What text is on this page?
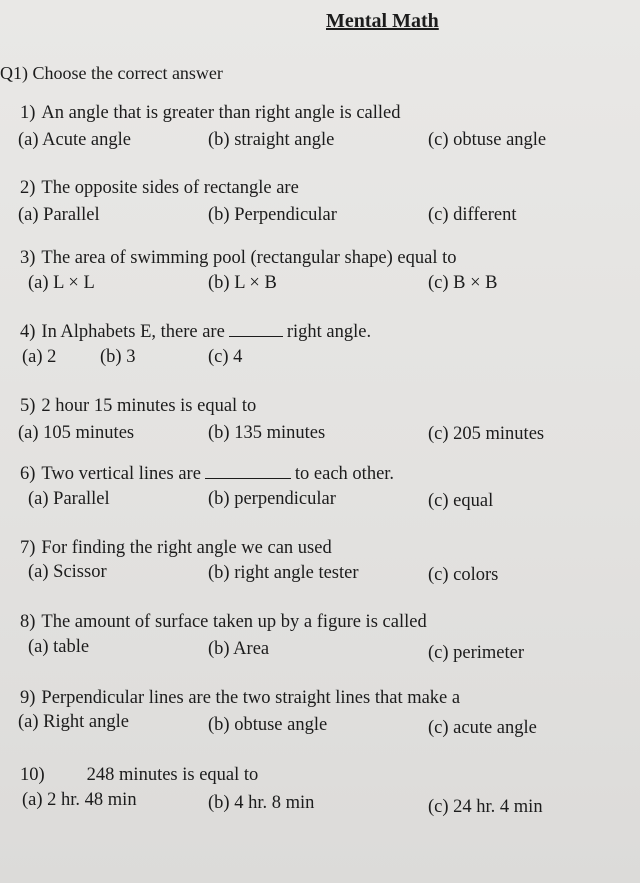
Mental Math
Q1) Choose the correct answer
1) An angle that is greater than right angle is called
(a) Acute angle	(b) straight angle	(c) obtuse angle
2) The opposite sides of rectangle are
(a) Parallel	(b) Perpendicular	(c) different
3) The area of swimming pool (rectangular shape) equal to
(a) L × L	(b) L × B	(c) B × B
4) In Alphabets E, there are	right angle.
(a) 2 (b) 3	(c) 4
5) 2 hour 15 minutes is equal to
(a) 105 minutes	(b) 135 minutes	(c) 205 minutes
6) Two vertical lines are	to each other.
(a) Parallel	(b) perpendicular	(c) equal
7) For finding the right angle we can used
(a) Scissor	(b) right angle tester	(c) colors
8) The amount of surface taken up by a figure is called
(a) table	(b) Area	(c) perimeter
9) Perpendicular lines are the two straight lines that make a
(a) Right angle	(b) obtuse angle	(c) acute angle
10) 248 minutes is equal to
(a) 2 hr. 48 min	(b) 4 hr. 8 min	(c) 24 hr. 4 min
